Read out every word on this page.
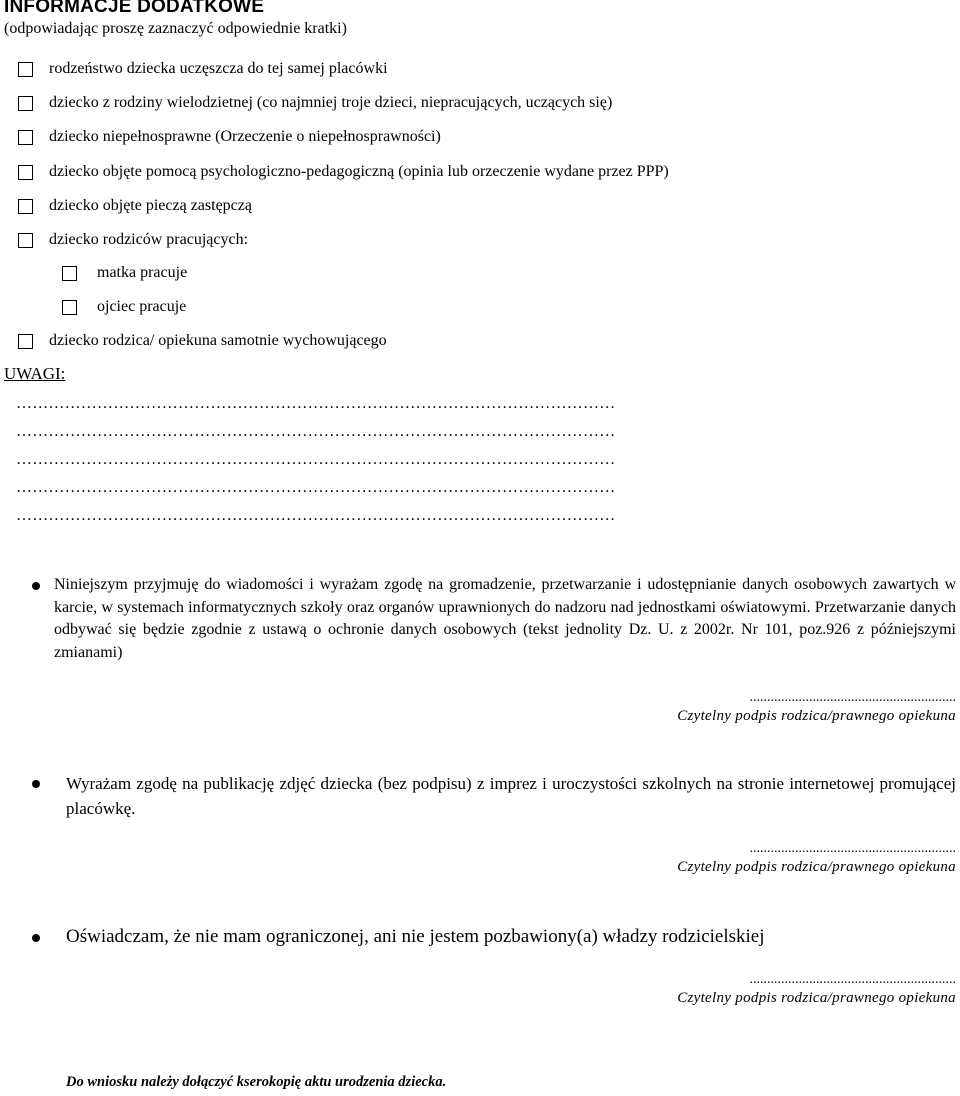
INFORMACJE DODATKOWE
(odpowiadając proszę zaznaczyć odpowiednie kratki)
rodzeństwo dziecka uczęszcza do tej samej placówki
dziecko z rodziny wielodzietnej (co najmniej troje dzieci, niepracujących, uczących się)
dziecko niepełnosprawne (Orzeczenie o niepełnosprawności)
dziecko objęte pomocą psychologiczno-pedagogiczną (opinia lub orzeczenie wydane przez PPP)
dziecko objęte pieczą zastępczą
dziecko rodziców pracujących:
matka pracuje
ojciec pracuje
dziecko rodzica/ opiekuna samotnie wychowującego
UWAGI:
…………………………………………………………………………………………………
…………………………………………………………………………………………………
…………………………………………………………………………………………………
…………………………………………………………………………………………………
…………………………………………………………………………………………………
Niniejszym przyjmuję do wiadomości i wyrażam zgodę na gromadzenie, przetwarzanie i udostępnianie danych osobowych zawartych w karcie, w systemach informatycznych szkoły oraz organów uprawnionych do nadzoru nad jednostkami oświatowymi. Przetwarzanie danych odbywać się będzie zgodnie z ustawą o ochronie danych osobowych (tekst jednolity Dz. U. z 2002r. Nr 101, poz.926 z późniejszymi zmianami)
...........................................................
Czytelny podpis rodzica/prawnego opiekuna
Wyrażam zgodę na publikację zdjęć dziecka (bez podpisu) z imprez i uroczystości szkolnych na stronie internetowej promującej placówkę.
...........................................................
Czytelny podpis rodzica/prawnego opiekuna
Oświadczam, że nie mam ograniczonej, ani nie jestem pozbawiony(a) władzy rodzicielskiej
...........................................................
Czytelny podpis rodzica/prawnego opiekuna
Do wniosku należy dołączyć kserokopię aktu urodzenia dziecka.
